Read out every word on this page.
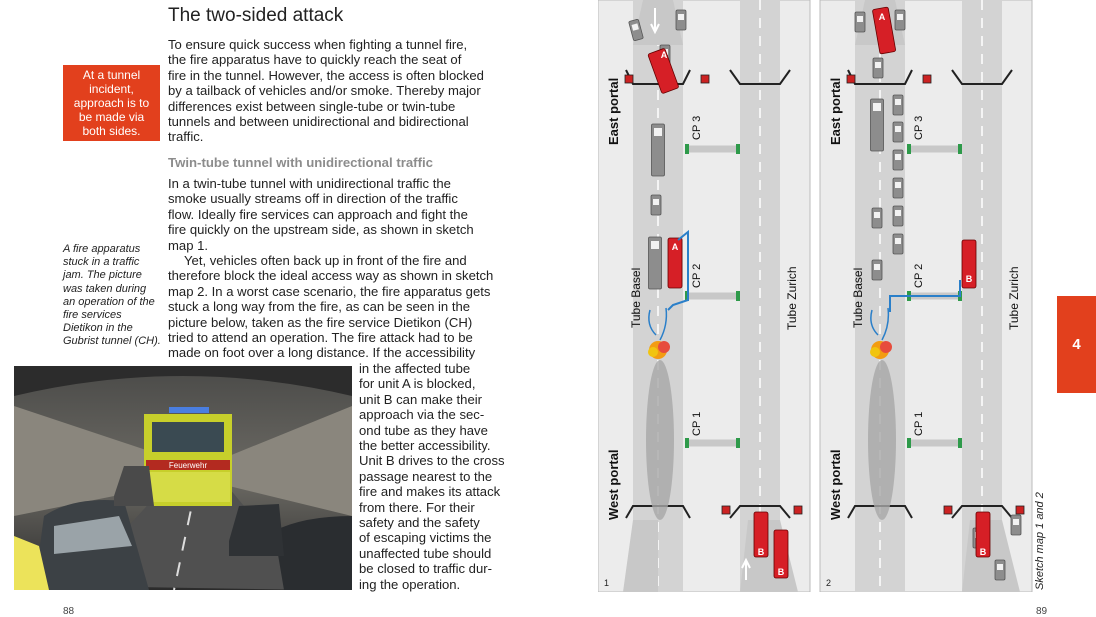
The two-sided attack
To ensure quick success when fighting a tunnel fire,
the fire apparatus have to quickly reach the seat of
fire in the tunnel. However, the access is often blocked
by a tailback of vehicles and/or smoke. Thereby major
differences exist between single-tube or twin-tube
tunnels and between unidirectional and bidirectional
traffic.
Twin-tube tunnel with unidirectional traffic
In a twin-tube tunnel with unidirectional traffic the
smoke usually streams off in direction of the traffic
flow. Ideally fire services can approach and fight the
fire quickly on the upstream side, as shown in sketch
map 1.
Yet, vehicles often back up in front of the fire and
therefore block the ideal access way as shown in sketch
map 2. In a worst case scenario, the fire apparatus gets
stuck a long way from the fire, as can be seen in the
picture below, taken as the fire service Dietikon (CH)
tried to attend an operation. The fire attack had to be
made on foot over a long distance. If the accessibility
in the affected tube
for unit A is blocked,
unit B can make their
approach via the sec-
ond tube as they have
the better accessibility.
Unit B drives to the cross
passage nearest to the
fire and makes its attack
from there. For their
safety and the safety
of escaping victims the
unaffected tube should
be closed to traffic dur-
ing the operation.
At a tunnel incident, approach is to be made via both sides.
A fire apparatus stuck in a traffic jam. The picture was taken during an operation of the fire services Dietikon in the Gubrist tunnel (CH).
Feuerwehr
88	89
A
A
B
B
East portal
West portal
Tube Basel	Tube Zurich
CP 3
CP 2
CP 1
1
A
B
B
East portal
West portal
Tube Basel	Tube Zurich
CP 3
CP 2
CP 1
2	Sketch map 1 and 2
4
